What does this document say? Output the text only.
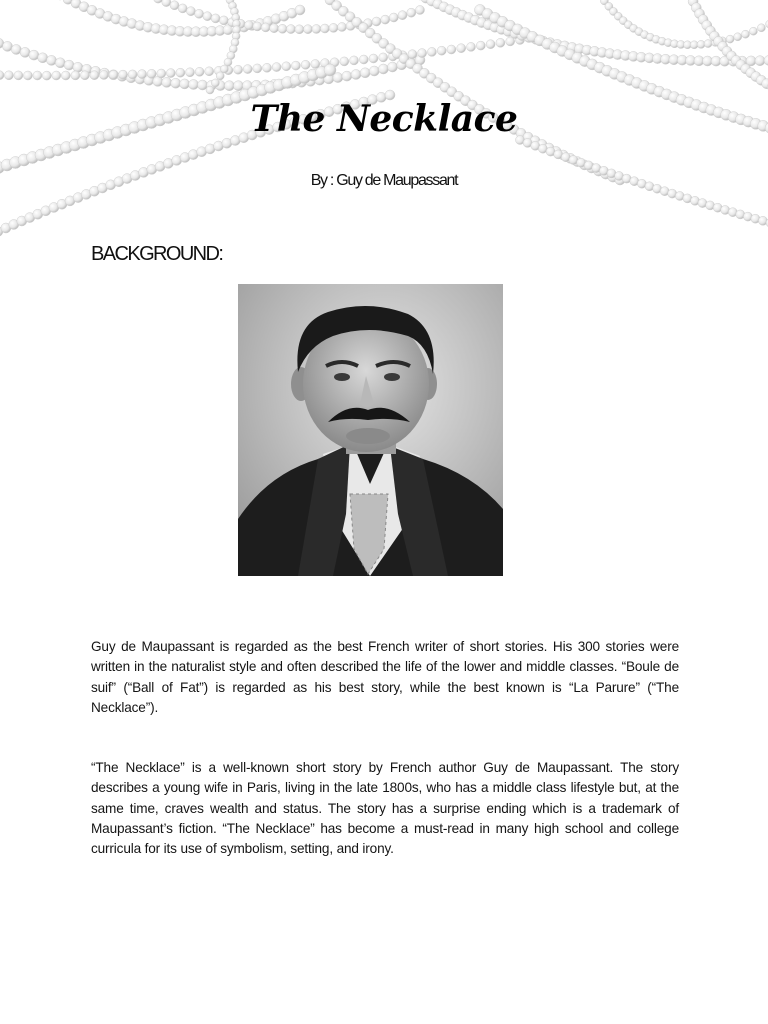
The Necklace
By : Guy de Maupassant
BACKGROUND:

Guy de Maupassant is regarded as the best French writer of short stories. His 300 stories were written in the naturalist style and often described the life of the lower and middle classes. “Boule de suif” (“Ball of Fat”) is regarded as his best story, while the best known is “La Parure” (“The Necklace”).

“The Necklace” is a well-known short story by French author Guy de Maupassant. The story describes a young wife in Paris, living in the late 1800s, who has a middle class lifestyle but, at the same time, craves wealth and status. The story has a surprise ending which is a trademark of Maupassant’s fiction. “The Necklace” has become a must-read in many high school and college curricula for its use of symbolism, setting, and irony.
